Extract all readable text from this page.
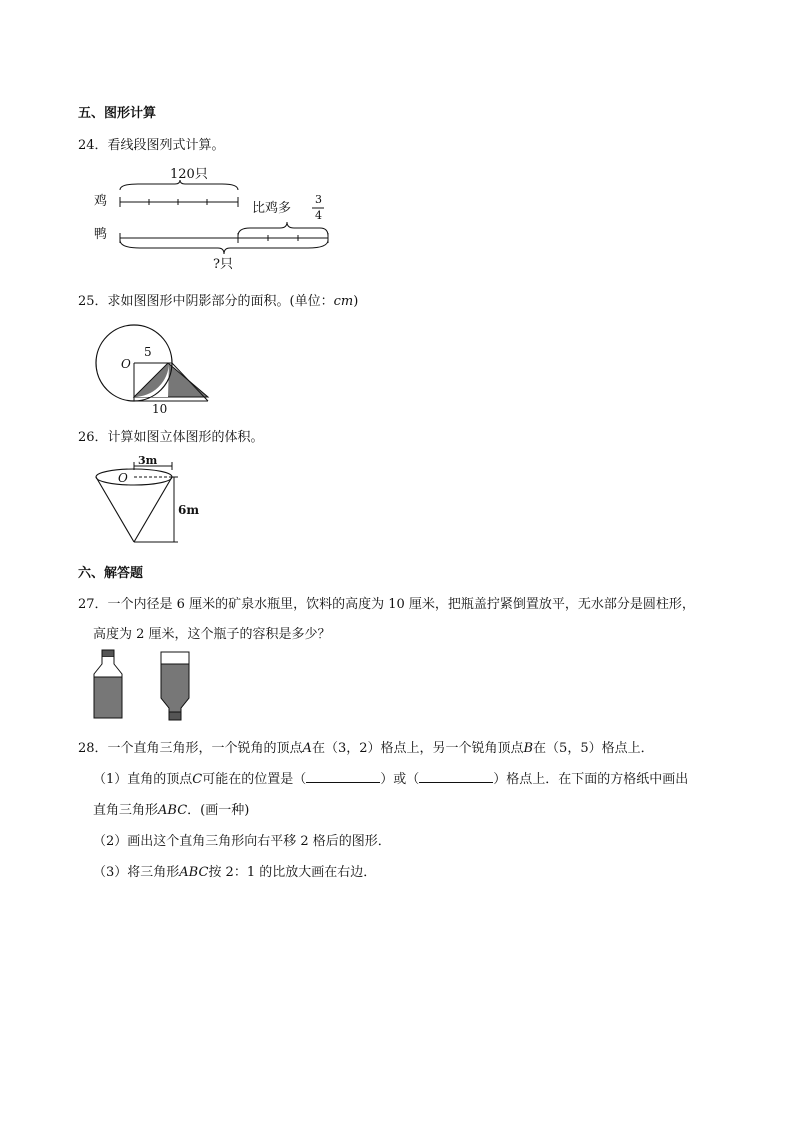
五、图形计算
24．看线段图列式计算。
120只
鸡	比鸡多
3
4
鸭
?只
25．求如图图形中阴影部分的面积。(单位：cm)
O
5
10
26．计算如图立体图形的体积。
3m
O
6m
六、解答题
27．一个内径是 6 厘米的矿泉水瓶里，饮料的高度为 10 厘米，把瓶盖拧紧倒置放平，无水部分是圆柱形，
高度为 2 厘米，这个瓶子的容积是多少？
28．一个直角三角形，一个锐角的顶点A在（3，2）格点上，另一个锐角顶点B在（5，5）格点上．
（1）直角的顶点C可能在的位置是（	）或（	）格点上．在下面的方格纸中画出
直角三角形ABC．(画一种)
（2）画出这个直角三角形向右平移 2 格后的图形．
（3）将三角形ABC按 2：1 的比放大画在右边．
